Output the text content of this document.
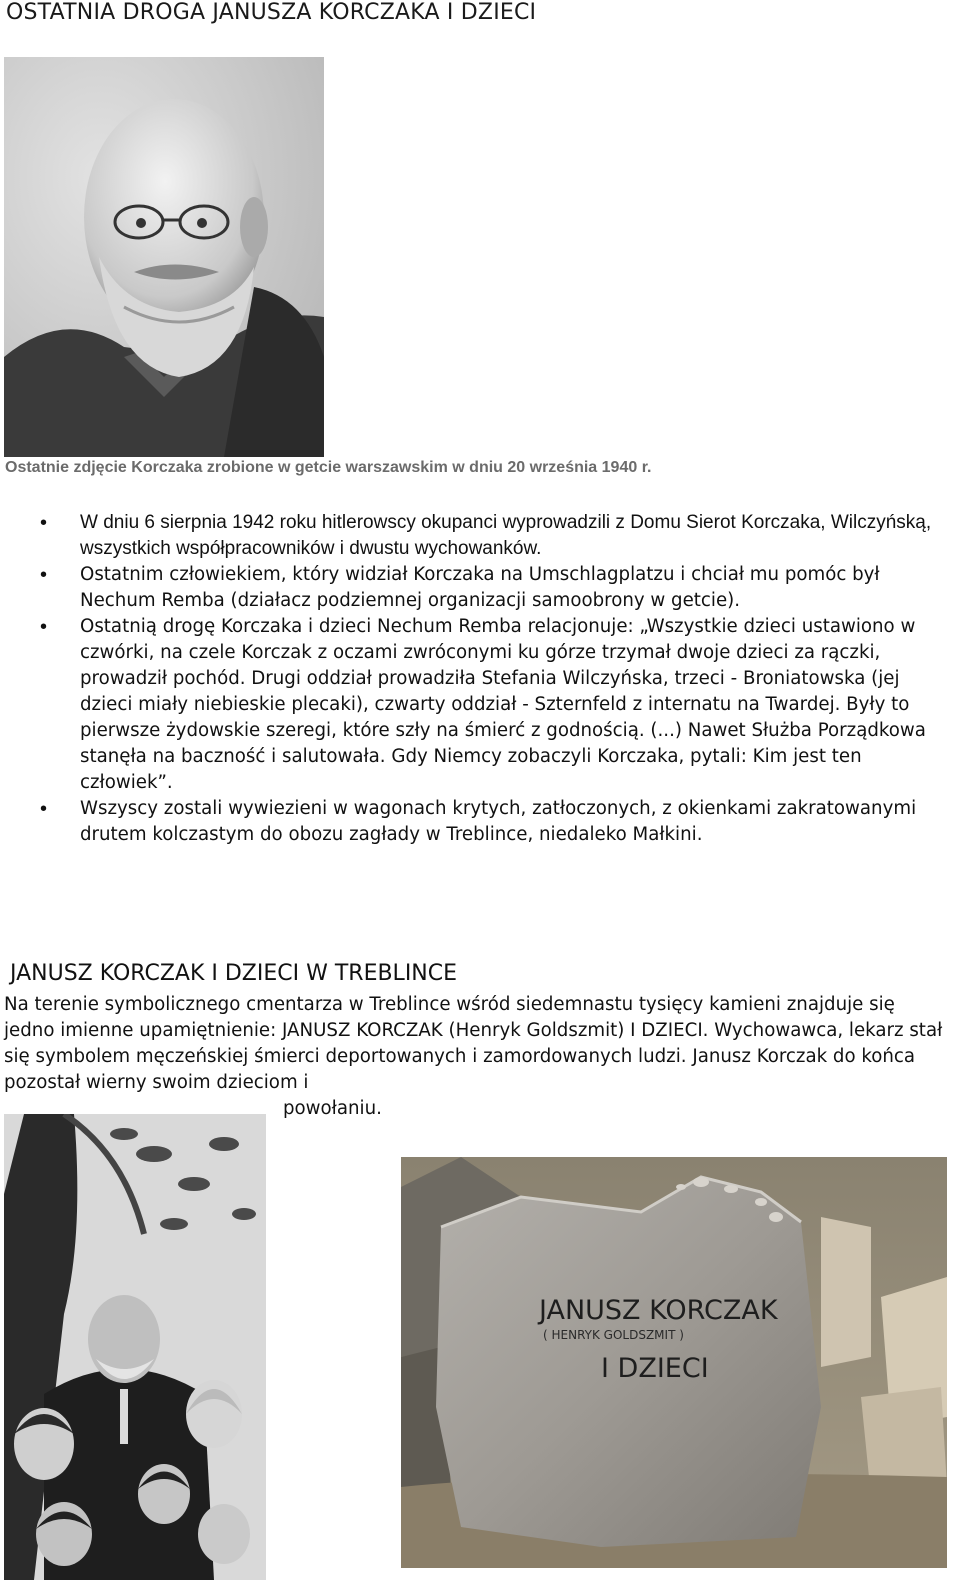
OSTATNIA DROGA JANUSZA KORCZAKA I DZIECI
Ostatnie zdjęcie Korczaka zrobione w getcie warszawskim w dniu 20 września 1940 r.
• W dniu 6 sierpnia 1942 roku hitlerowscy okupanci wyprowadzili z Domu Sierot Korczaka, Wilczyńską, wszystkich współpracowników i dwustu wychowanków.
• Ostatnim człowiekiem, który widział Korczaka na Umschlagplatzu i chciał mu pomóc był Nechum Remba (działacz podziemnej organizacji samoobrony w getcie).
• Ostatnią drogę Korczaka i dzieci Nechum Remba relacjonuje: „Wszystkie dzieci ustawiono w czwórki, na czele Korczak z oczami zwróconymi ku górze trzymał dwoje dzieci za rączki, prowadził pochód. Drugi oddział prowadziła Stefania Wilczyńska, trzeci - Broniatowska (jej dzieci miały niebieskie plecaki), czwarty oddział - Szternfeld z internatu na Twardej. Były to pierwsze żydowskie szeregi, które szły na śmierć z godnością. (...) Nawet Służba Porządkowa stanęła na baczność i salutowała. Gdy Niemcy zobaczyli Korczaka, pytali: Kim jest ten człowiek”.
• Wszyscy zostali wywiezieni w wagonach krytych, zatłoczonych, z okienkami zakratowanymi drutem kolczastym do obozu zagłady w Treblince, niedaleko Małkini.
JANUSZ KORCZAK I DZIECI W TREBLINCE
Na terenie symbolicznego cmentarza w Treblince wśród siedemnastu tysięcy kamieni znajduje się jedno imienne upamiętnienie: JANUSZ KORCZAK (Henryk Goldszmit) I DZIECI. Wychowawca, lekarz stał się symbolem męczeńskiej śmierci deportowanych i zamordowanych ludzi. Janusz Korczak do końca pozostał wierny swoim dzieciom i
powołaniu.
JANUSZ KORCZAK
( HENRYK GOLDSZMIT )
I DZIECI
